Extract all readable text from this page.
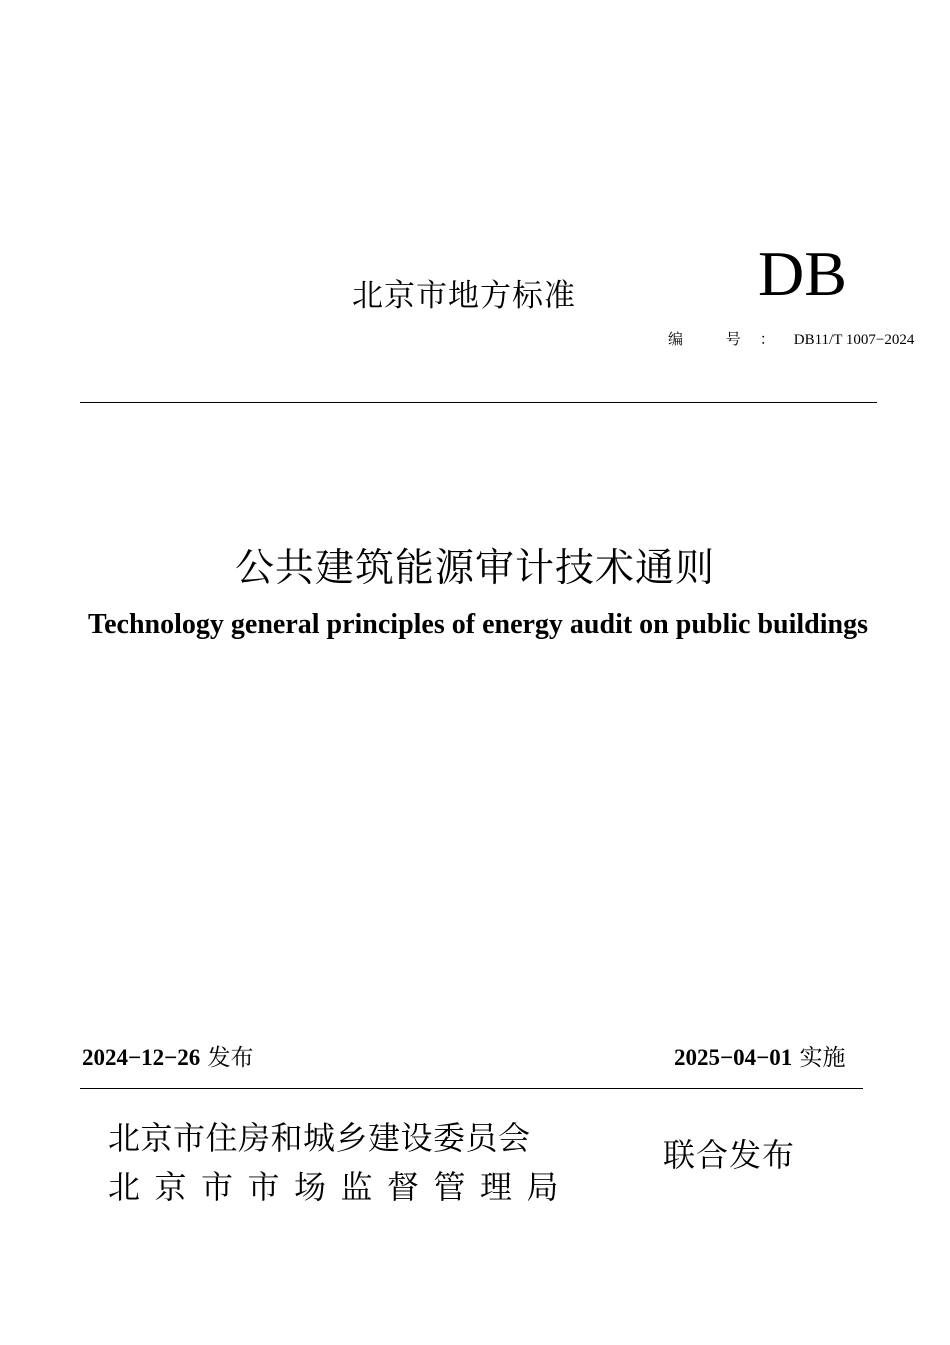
北京市地方标准	DB
编 号：DB11/T 1007−2024
公共建筑能源审计技术通则
Technology general principles of energy audit on public buildings
2024−12−26 发布	2025−04−01 实施
北京市住房和城乡建设委员会
北京市市场监督管理局
联合发布
